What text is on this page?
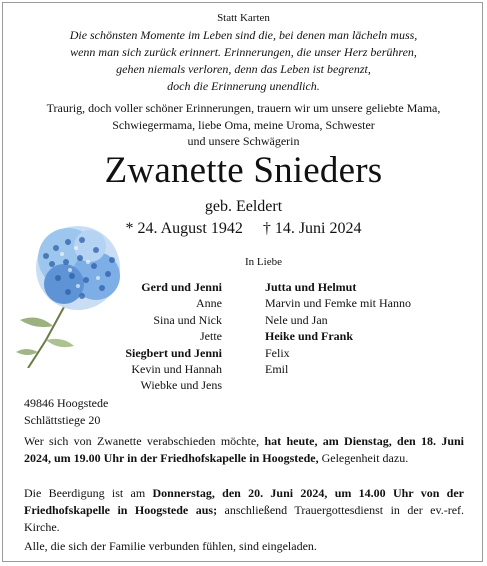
Statt Karten
Die schönsten Momente im Leben sind die, bei denen man lächeln muss,
wenn man sich zurück erinnert. Erinnerungen, die unser Herz berühren,
gehen niemals verloren, denn das Leben ist begrenzt,
doch die Erinnerung unendlich.
Traurig, doch voller schöner Erinnerungen, trauern wir um unsere geliebte Mama,
Schwiegermama, liebe Oma, meine Uroma, Schwester
und unsere Schwägerin
Zwanette Snieders
geb. Eeldert
* 24. August 1942 † 14. Juni 2024
In Liebe
Gerd und Jenni
Anne
Sina und Nick
Jette
Siegbert und Jenni
Kevin und Hannah
Wiebke und Jens
Jutta und Helmut
Marvin und Femke mit Hanno
Nele und Jan
Heike und Frank
Felix
Emil
49846 Hoogstede
Schlättstiege 20
Wer sich von Zwanette verabschieden möchte, hat heute, am Dienstag, den 18. Juni 2024, um 19.00 Uhr in der Friedhofskapelle in Hoogstede, Gelegenheit dazu.
Die Beerdigung ist am Donnerstag, den 20. Juni 2024, um 14.00 Uhr von der Friedhofskapelle in Hoogstede aus; anschließend Trauergottesdienst in der ev.-ref. Kirche.
Alle, die sich der Familie verbunden fühlen, sind eingeladen.
